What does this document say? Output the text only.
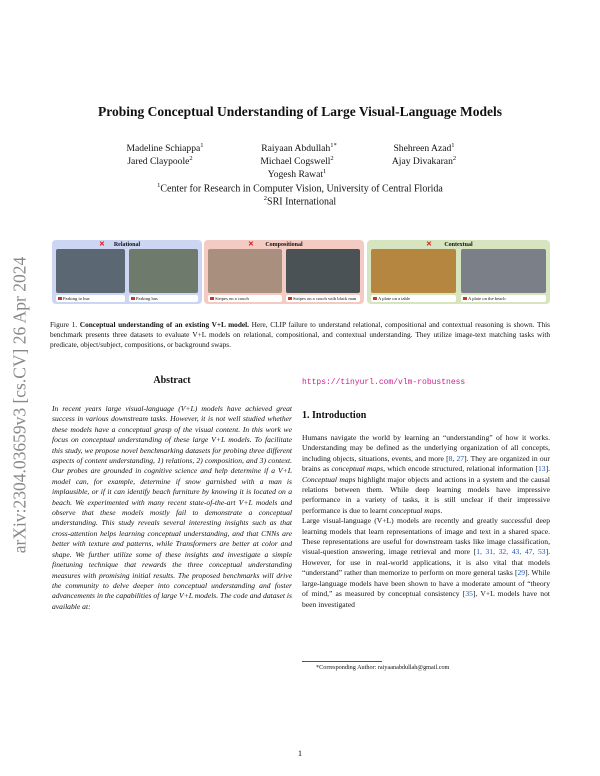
arXiv:2304.03659v3 [cs.CV] 26 Apr 2024
Probing Conceptual Understanding of Large Visual-Language Models
Madeline Schiappa$^1$	Raiyaan Abdullah$^{1*}$	Shehreen Azad$^1$
Jared Claypoole$^2$	Michael Cogswell$^2$	Ajay Divakaran$^2$
Yogesh Rawat$^1$
$^1$Center for Research in Computer Vision, University of Central Florida
$^2$SRI International
✕	Relational
Parking to bus	Parking bus
✕	Compositional
Stripes on a couch	Stripes on a couch with black man
✕	Contextual
A plate on a table	A plate on the beach
Figure 1. Conceptual understanding of an existing V+L model. Here, CLIP failure to understand relational, compositional and contextual reasoning is shown. This benchmark presents three datasets to evaluate V+L models on relational, compositional, and contextual understanding. They utilize image-text matching tasks with predicate, object/subject, compositions, or background swaps.
Abstract
In recent years large visual-language (V+L) models have achieved great success in various downstream tasks. However, it is not well studied whether these models have a conceptual grasp of the visual content. In this work we focus on conceptual understanding of these large V+L models. To facilitate this study, we propose novel benchmarking datasets for probing three different aspects of content understanding, 1) relations, 2) composition, and 3) context. Our probes are grounded in cognitive science and help determine if a V+L model can, for example, determine if snow garnished with a man is implausible, or if it can identify beach furniture by knowing it is located on a beach. We experimented with many recent state-of-the-art V+L models and observe that these models mostly fail to demonstrate a conceptual understanding. This study reveals several interesting insights such as that cross-attention helps learning conceptual understanding, and that CNNs are better with texture and patterns, while Transformers are better at color and shape. We further utilize some of these insights and investigate a simple finetuning technique that rewards the three conceptual understanding measures with promising initial results. The proposed benchmarks will drive the community to delve deeper into conceptual understanding and foster advancements in the capabilities of large V+L models. The code and dataset is available at:
https://tinyurl.com/vlm-robustness
1. Introduction
Humans navigate the world by learning an “understanding” of how it works. Understanding may be defined as the underlying organization of all concepts, including objects, situations, events, and more [8, 27]. They are organized in our brains as conceptual maps, which encode structured, relational information [13]. Conceptual maps highlight major objects and actions in a system and the causal relations between them. While deep learning models have impressive performance in a variety of tasks, it is still unclear if their impressive performance is due to learnt conceptual maps.
Large visual-language (V+L) models are recently and greatly successful deep learning models that learn representations of image and text in a shared space. These representations are useful for downstream tasks like image classification, visual-question answering, image retrieval and more [1, 31, 32, 43, 47, 53]. However, for use in real-world applications, it is also vital that models “understand” rather than memorize to perform on more general tasks [29]. While large-language models have been shown to have a moderate amount of “theory of mind,” as measured by conceptual consistency [35], V+L models have not been investigated
*Corresponding Author: raiyaanabdullah@gmail.com
1
